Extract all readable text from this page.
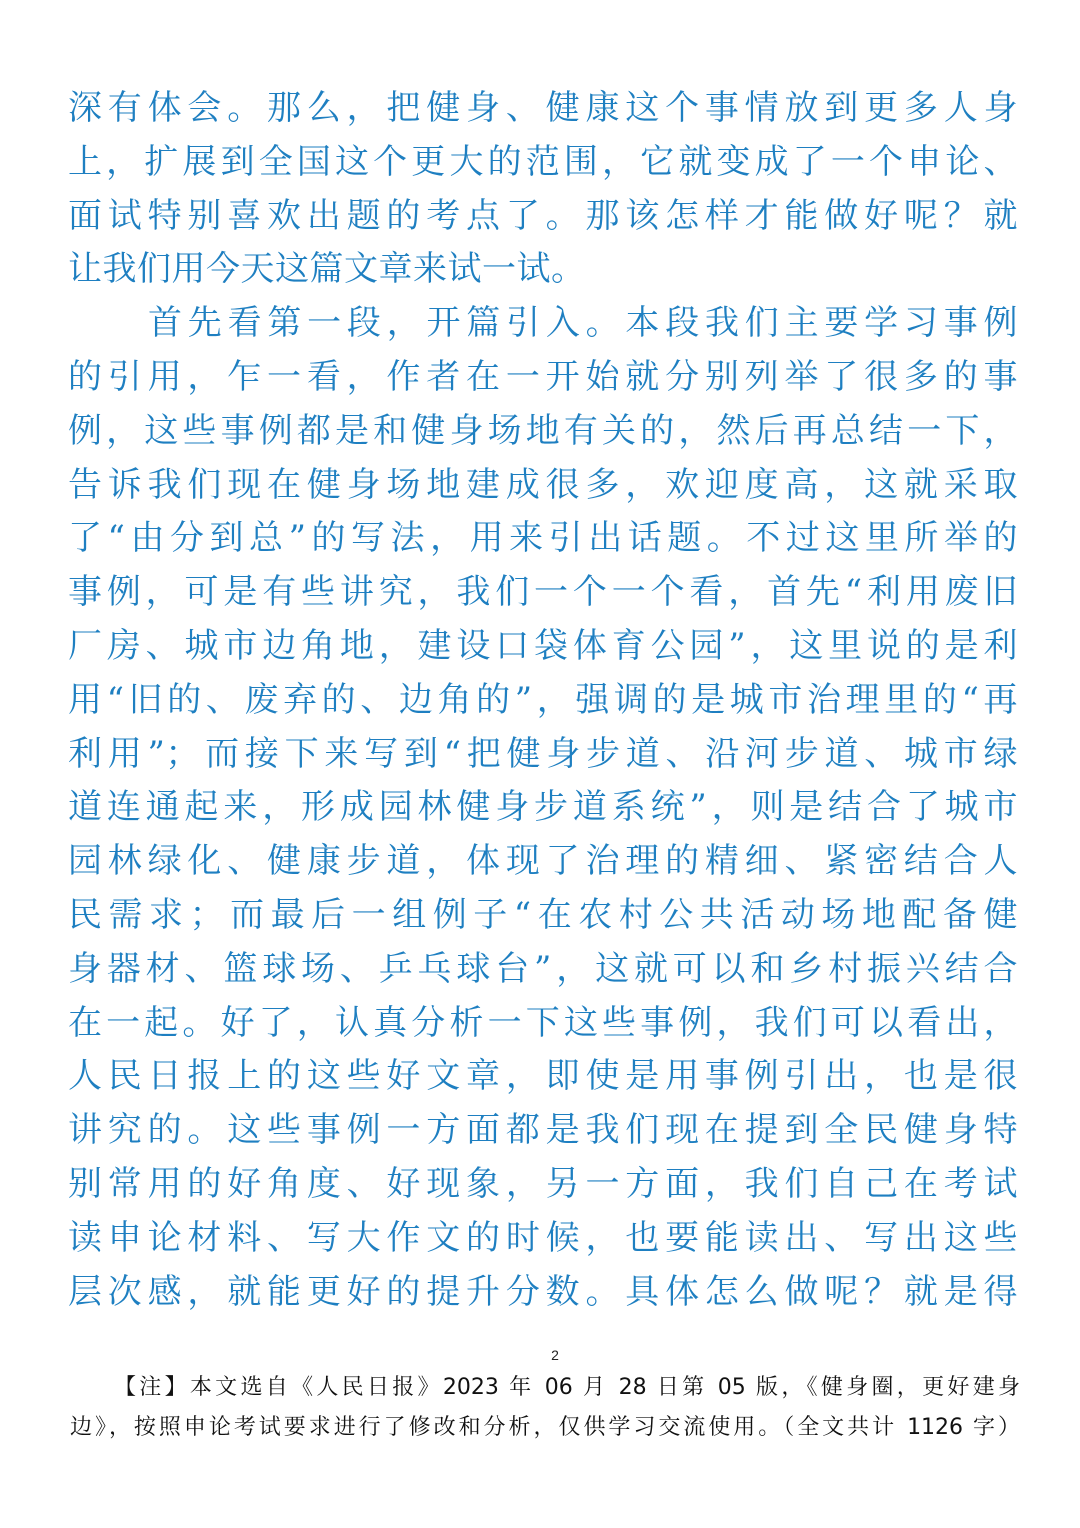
深有体会。那么，把健身、健康这个事情放到更多人身
上，扩展到全国这个更大的范围，它就变成了一个申论、
面试特别喜欢出题的考点了。那该怎样才能做好呢？就
让我们用今天这篇文章来试一试。
首先看第一段，开篇引入。本段我们主要学习事例
的引用，乍一看，作者在一开始就分别列举了很多的事
例，这些事例都是和健身场地有关的，然后再总结一下，
告诉我们现在健身场地建成很多，欢迎度高，这就采取
了“由分到总”的写法，用来引出话题。不过这里所举的
事例，可是有些讲究，我们一个一个看，首先“利用废旧
厂房、城市边角地，建设口袋体育公园”，这里说的是利
用“旧的、废弃的、边角的”，强调的是城市治理里的“再
利用”；而接下来写到“把健身步道、沿河步道、城市绿
道连通起来，形成园林健身步道系统”，则是结合了城市
园林绿化、健康步道，体现了治理的精细、紧密结合人
民需求；而最后一组例子“在农村公共活动场地配备健
身器材、篮球场、乒乓球台”，这就可以和乡村振兴结合
在一起。好了，认真分析一下这些事例，我们可以看出，
人民日报上的这些好文章，即使是用事例引出，也是很
讲究的。这些事例一方面都是我们现在提到全民健身特
别常用的好角度、好现象，另一方面，我们自己在考试
读申论材料、写大作文的时候，也要能读出、写出这些
层次感，就能更好的提升分数。具体怎么做呢？就是得
2
【注】本文选自《人民日报》2023 年 06 月 28 日第 05 版，《健身圈，更好建身
边》，按照申论考试要求进行了修改和分析，仅供学习交流使用。（全文共计 1126 字）
